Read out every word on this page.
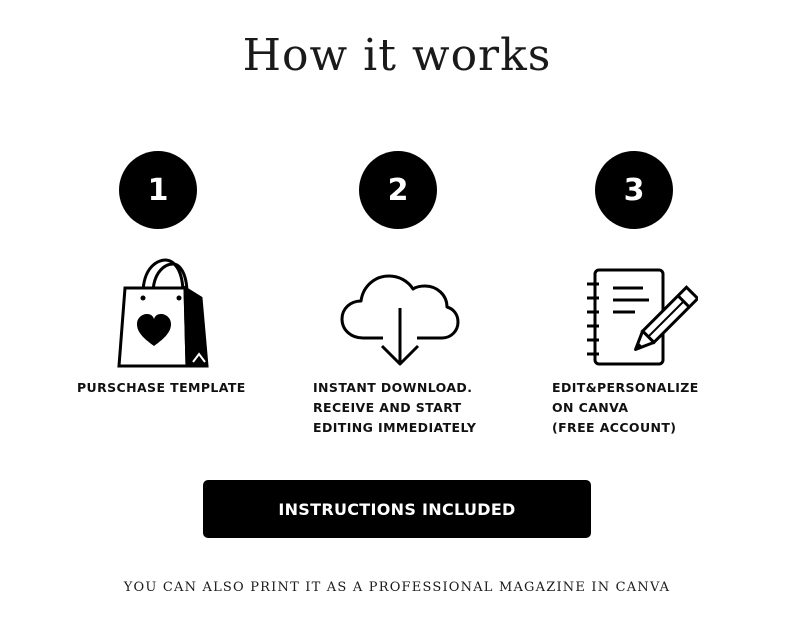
How it works
1
PURSCHASE TEMPLATE
2
INSTANT DOWNLOAD.
RECEIVE AND START
EDITING IMMEDIATELY
3
EDIT&PERSONALIZE
ON CANVA
(FREE ACCOUNT)
INSTRUCTIONS INCLUDED
YOU CAN ALSO PRINT IT AS A PROFESSIONAL MAGAZINE IN CANVA
